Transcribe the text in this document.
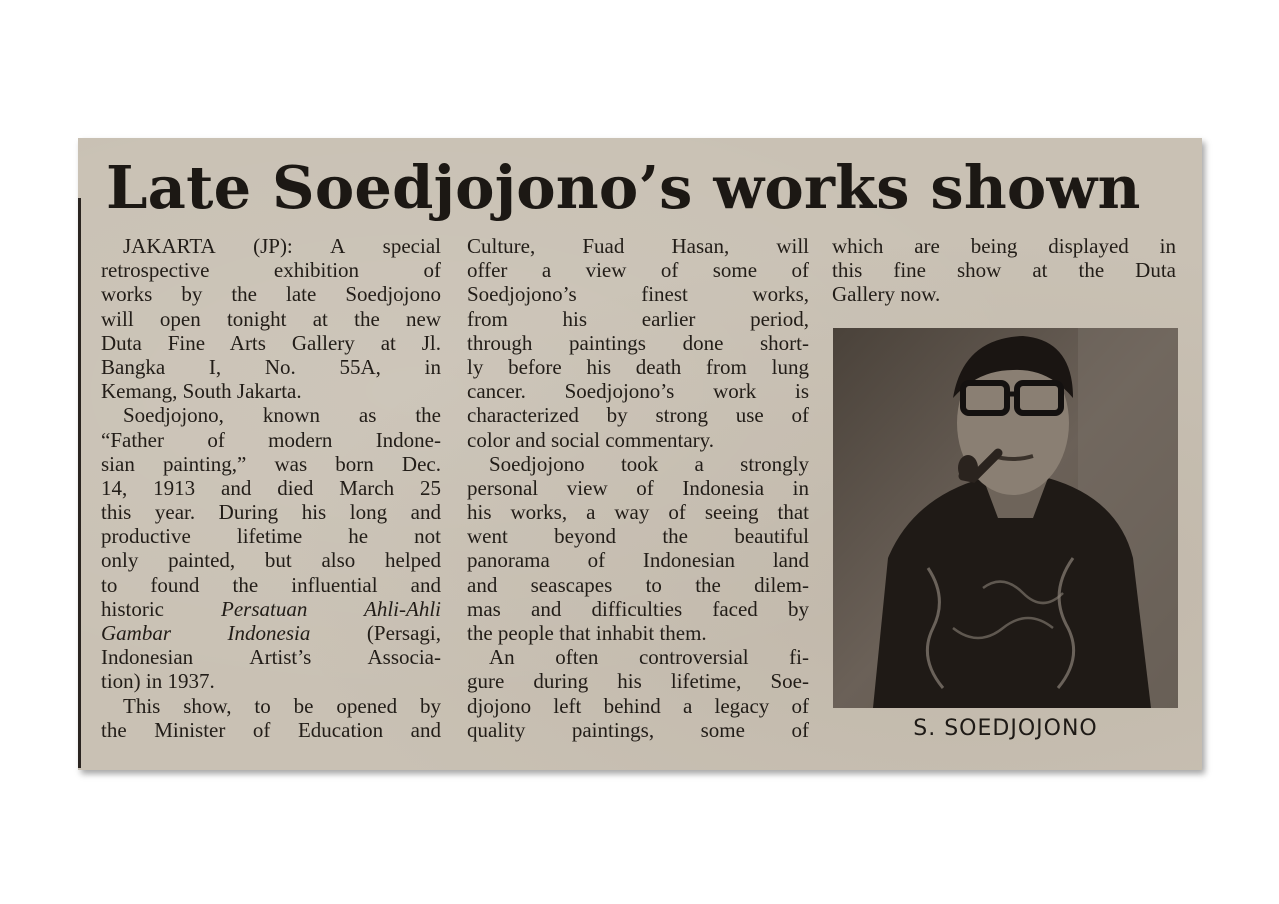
Late Soedjojono’s works shown
JAKARTA (JP): A special
retrospective exhibition of
works by the late Soedjojono
will open tonight at the new
Duta Fine Arts Gallery at Jl.
Bangka I, No. 55A, in
Kemang, South Jakarta.
Soedjojono, known as the
“Father of modern Indone-
sian painting,” was born Dec.
14, 1913 and died March 25
this year. During his long and
productive lifetime he not
only painted, but also helped
to found the influential and
historic	Persatuan Ahli-Ahli
Gambar Indonesia	(Persagi,
Indonesian Artist’s Associa-
tion) in 1937.
This show, to be opened by
the Minister of Education and
Culture, Fuad Hasan, will
offer a view of some of
Soedjojono’s finest works,
from his earlier period,
through paintings done short-
ly before his death from lung
cancer. Soedjojono’s work is
characterized by strong use of
color and social commentary.
Soedjojono took a strongly
personal view of Indonesia in
his works, a way of seeing that
went beyond the beautiful
panorama of Indonesian land
and seascapes to the dilem-
mas and difficulties faced by
the people that inhabit them.
An often controversial fi-
gure during his lifetime, Soe-
djojono left behind a legacy of
quality paintings, some of
which are being displayed in
this fine show at the Duta
Gallery now.
S. SOEDJOJONO
